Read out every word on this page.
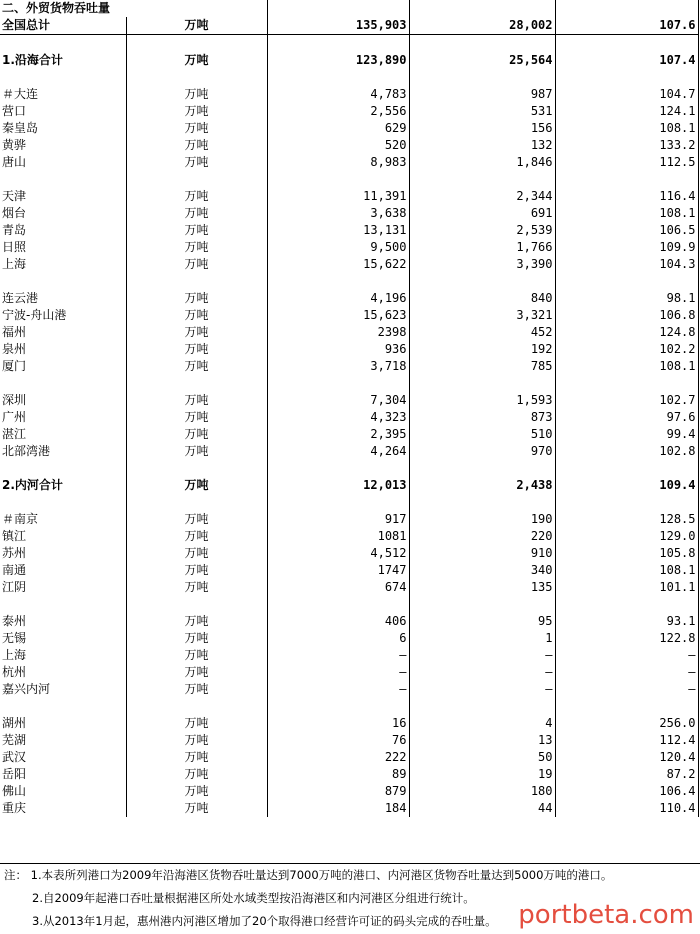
二、外贸货物吞吐量				
全国总计	万吨	135,903	28,002	107.6

1.沿海合计	万吨	123,890	25,564	107.4

＃大连	万吨	4,783	987	104.7
营口	万吨	2,556	531	124.1
秦皇岛	万吨	629	156	108.1
黄骅	万吨	520	132	133.2
唐山	万吨	8,983	1,846	112.5

天津	万吨	11,391	2,344	116.4
烟台	万吨	3,638	691	108.1
青岛	万吨	13,131	2,539	106.5
日照	万吨	9,500	1,766	109.9
上海	万吨	15,622	3,390	104.3

连云港	万吨	4,196	840	98.1
宁波-舟山港	万吨	15,623	3,321	106.8
福州	万吨	2398	452	124.8
泉州	万吨	936	192	102.2
厦门	万吨	3,718	785	108.1

深圳	万吨	7,304	1,593	102.7
广州	万吨	4,323	873	97.6
湛江	万吨	2,395	510	99.4
北部湾港	万吨	4,264	970	102.8

2.内河合计	万吨	12,013	2,438	109.4

＃南京	万吨	917	190	128.5
镇江	万吨	1081	220	129.0
苏州	万吨	4,512	910	105.8
南通	万吨	1747	340	108.1
江阴	万吨	674	135	101.1

泰州	万吨	406	95	93.1
无锡	万吨	6	1	122.8
上海	万吨	–	–	–
杭州	万吨	–	–	–
嘉兴内河	万吨	–	–	–

湖州	万吨	16	4	256.0
芜湖	万吨	76	13	112.4
武汉	万吨	222	50	120.4
岳阳	万吨	89	19	87.2
佛山	万吨	879	180	106.4
重庆	万吨	184	44	110.4
注： 1.本表所列港口为2009年沿海港区货物吞吐量达到7000万吨的港口、内河港区货物吞吐量达到5000万吨的港口。
2.自2009年起港口吞吐量根据港区所处水域类型按沿海港区和内河港区分组进行统计。
3.从2013年1月起，惠州港内河港区增加了20个取得港口经营许可证的码头完成的吞吐量。 portbeta.com
